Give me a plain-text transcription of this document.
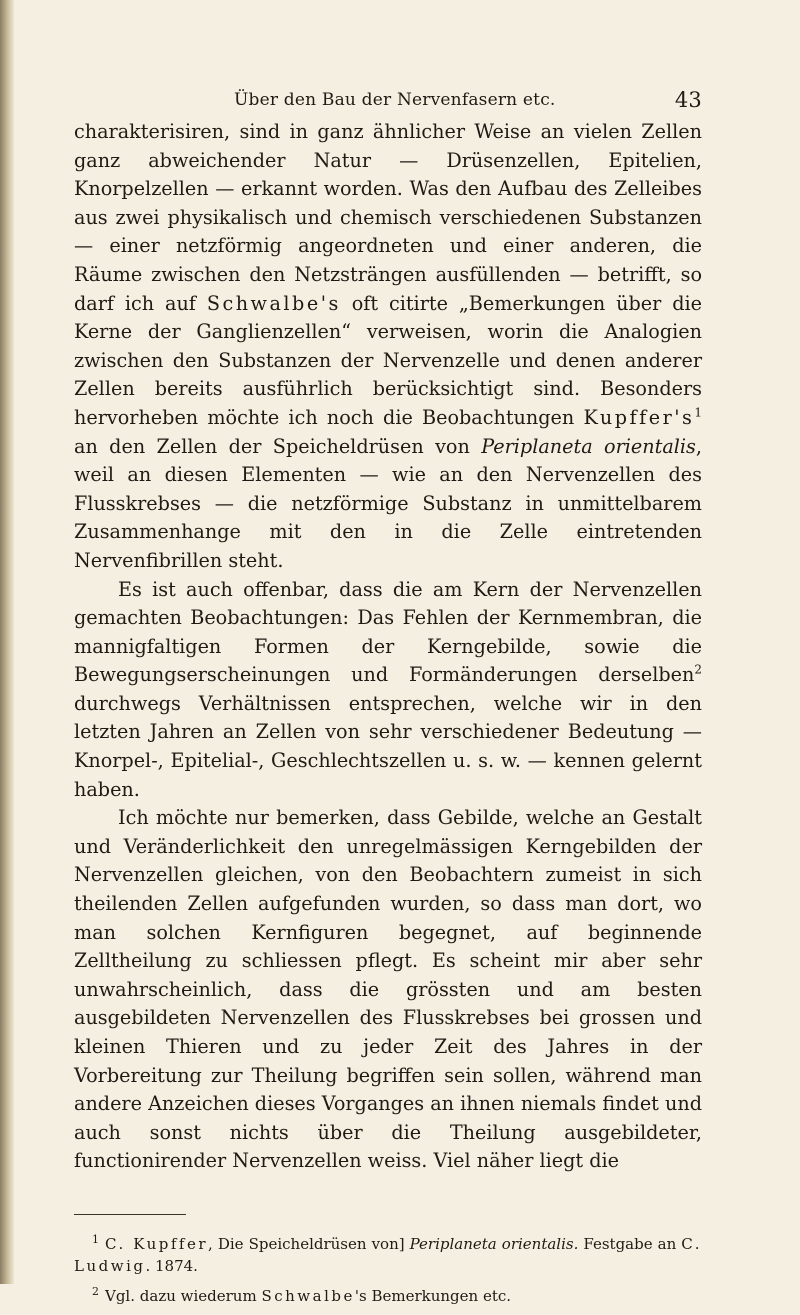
Über den Bau der Nervenfasern etc.	43

charakterisiren, sind in ganz ähnlicher Weise an vielen Zellen ganz abweichender Natur — Drüsenzellen, Epitelien, Knorpelzellen — erkannt worden. Was den Aufbau des Zelleibes aus zwei physikalisch und chemisch verschiedenen Substanzen — einer netzförmig angeordneten und einer anderen, die Räume zwischen den Netzsträngen ausfüllenden — betrifft, so darf ich auf Schwalbe's oft citirte „Bemerkungen über die Kerne der Ganglienzellen“ verweisen, worin die Analogien zwischen den Substanzen der Nervenzelle und denen anderer Zellen bereits ausführlich berücksichtigt sind. Besonders hervorheben möchte ich noch die Beobachtungen Kupffer's$^1$ an den Zellen der Speicheldrüsen von Periplaneta orientalis, weil an diesen Elementen — wie an den Nervenzellen des Flusskrebses — die netzförmige Substanz in unmittelbarem Zusammenhange mit den in die Zelle eintretenden Nervenfibrillen steht.

Es ist auch offenbar, dass die am Kern der Nervenzellen gemachten Beobachtungen: Das Fehlen der Kernmembran, die mannigfaltigen Formen der Kerngebilde, sowie die Bewegungserscheinungen und Formänderungen derselben$^2$ durchwegs Verhältnissen entsprechen, welche wir in den letzten Jahren an Zellen von sehr verschiedener Bedeutung — Knorpel-, Epitelial-, Geschlechtszellen u. s. w. — kennen gelernt haben.

Ich möchte nur bemerken, dass Gebilde, welche an Gestalt und Veränderlichkeit den unregelmässigen Kerngebilden der Nervenzellen gleichen, von den Beobachtern zumeist in sich theilenden Zellen aufgefunden wurden, so dass man dort, wo man solchen Kernfiguren begegnet, auf beginnende Zelltheilung zu schliessen pflegt. Es scheint mir aber sehr unwahrscheinlich, dass die grössten und am besten ausgebildeten Nervenzellen des Flusskrebses bei grossen und kleinen Thieren und zu jeder Zeit des Jahres in der Vorbereitung zur Theilung begriffen sein sollen, während man andere Anzeichen dieses Vorganges an ihnen niemals findet und auch sonst nichts über die Theilung ausgebildeter, functionirender Nervenzellen weiss. Viel näher liegt die

$^1$ C. Kupffer, Die Speicheldrüsen von] Periplaneta orientalis. Festgabe an C. Ludwig. 1874.

$^2$ Vgl. dazu wiederum Schwalbe's Bemerkungen etc.
